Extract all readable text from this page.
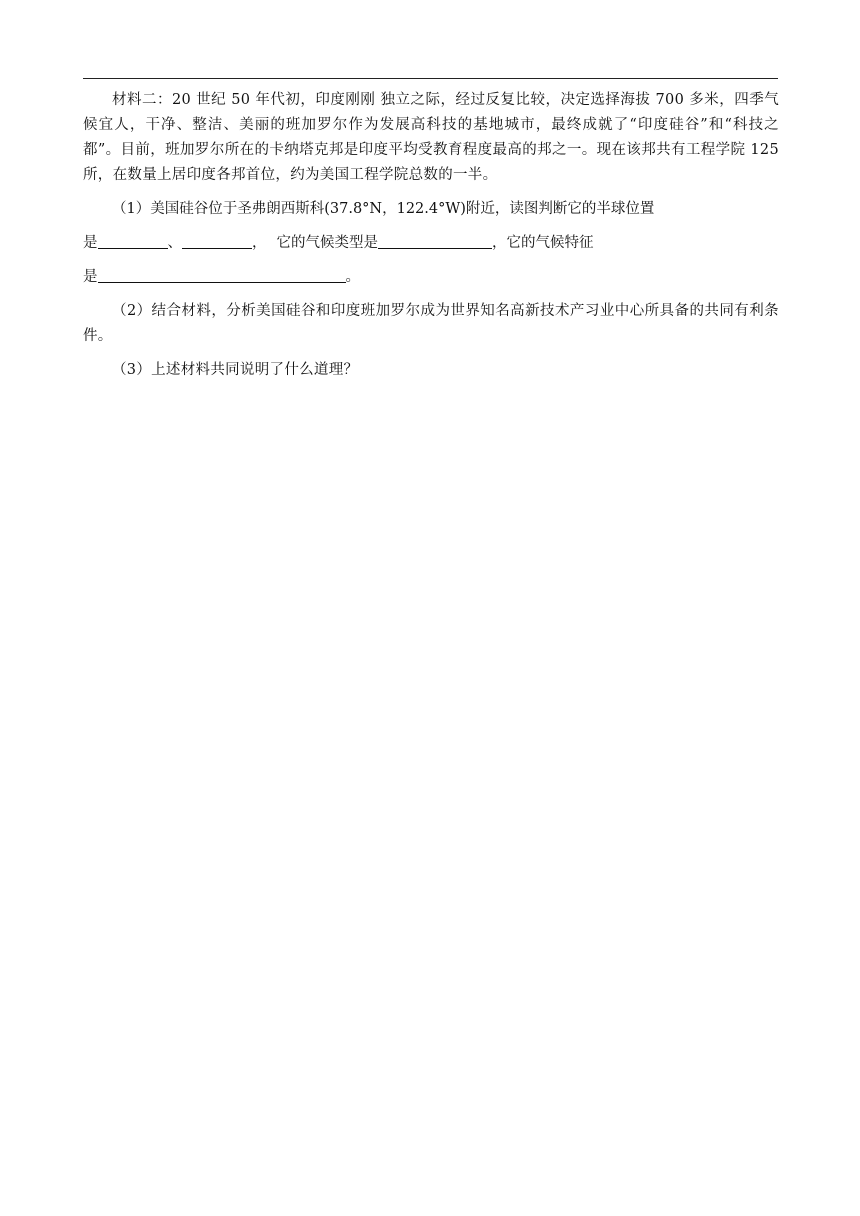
材料二：20 世纪 50 年代初，印度刚刚 独立之际，经过反复比较，决定选择海拔 700 多米，四季气候宜人，干净、整洁、美丽的班加罗尔作为发展高科技的基地城市，最终成就了“印度硅谷”和“科技之都”。目前，班加罗尔所在的卡纳塔克邦是印度平均受教育程度最高的邦之一。现在该邦共有工程学院 125 所，在数量上居印度各邦首位，约为美国工程学院总数的一半。

（1）美国硅谷位于圣弗朗西斯科(37.8°N，122.4°W)附近，读图判断它的半球位置
是	、	， 它的气候类型是	，它的气候特征
是	。

（2）结合材料，分析美国硅谷和印度班加罗尔成为世界知名高新技术产习业中心所具备的共同有利条件。

（3）上述材料共同说明了什么道理？
